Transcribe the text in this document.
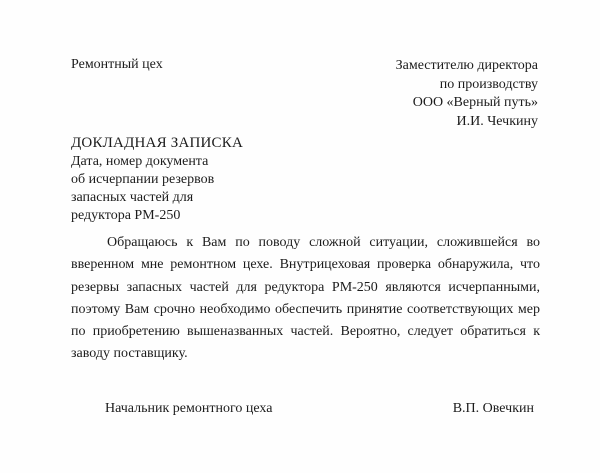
Ремонтный цех	Заместителю директора
по производству
ООО «Верный путь»
И.И. Чечкину
ДОКЛАДНАЯ ЗАПИСКА
Дата, номер документа
об исчерпании резервов
запасных частей для
редуктора РМ-250

Обращаюсь к Вам по поводу сложной ситуации, сложившейся во вверенном мне ремонтном цехе. Внутрицеховая проверка обнаружила, что резервы запасных частей для редуктора РМ-250 являются исчерпанными, поэтому Вам срочно необходимо обеспечить принятие соответствующих мер по приобретению вышеназванных частей. Вероятно, следует обратиться к заводу поставщику.

Начальник ремонтного цеха	В.П. Овечкин
